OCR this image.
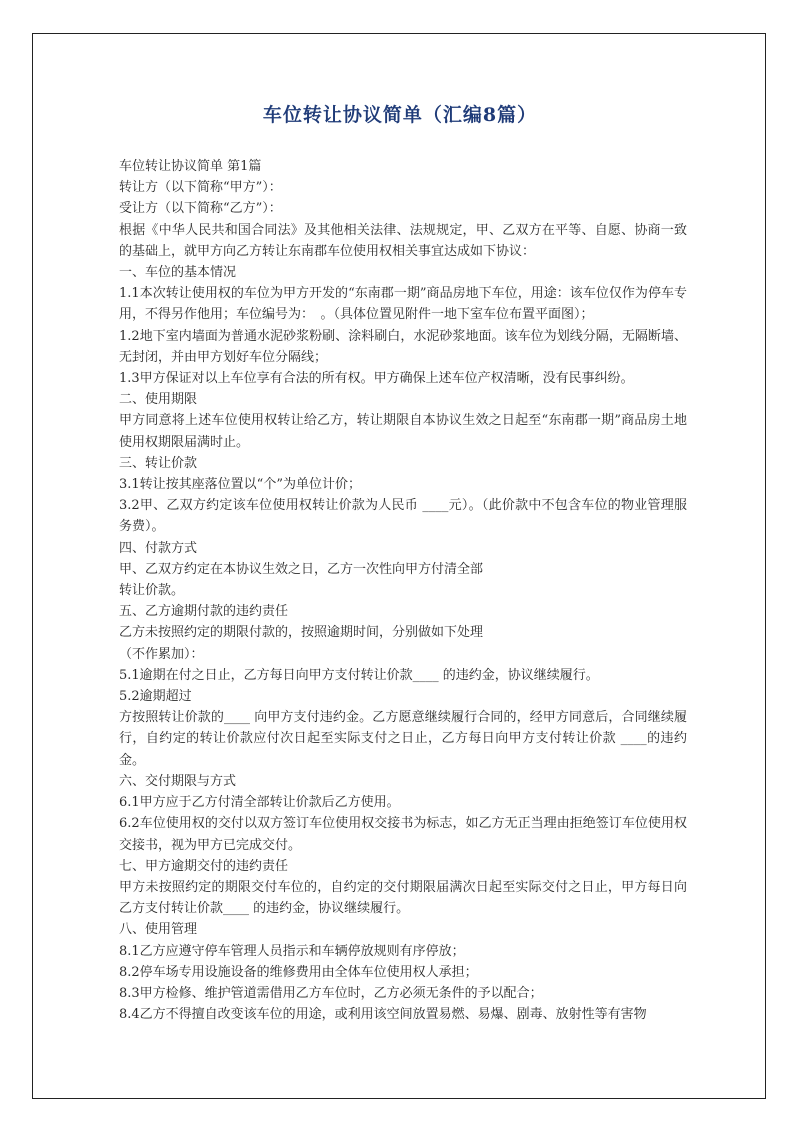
车位转让协议简单（汇编8篇）

车位转让协议简单 第1篇

转让方（以下简称“甲方”）：

受让方（以下简称“乙方”）：

根据《中华人民共和国合同法》及其他相关法律、法规规定，甲、乙双方在平等、自愿、协商一致的基础上，就甲方向乙方转让东南郡车位使用权相关事宜达成如下协议：

一、车位的基本情况

1.1本次转让使用权的车位为甲方开发的“东南郡一期”商品房地下车位，用途：该车位仅作为停车专用，不得另作他用；车位编号为：　。（具体位置见附件一地下室车位布置平面图）；

1.2地下室内墙面为普通水泥砂浆粉刷、涂料刷白，水泥砂浆地面。该车位为划线分隔，无隔断墙、无封闭，并由甲方划好车位分隔线；

1.3甲方保证对以上车位享有合法的所有权。甲方确保上述车位产权清晰，没有民事纠纷。

二、使用期限

甲方同意将上述车位使用权转让给乙方，转让期限自本协议生效之日起至“东南郡一期”商品房土地使用权期限届满时止。

三、转让价款

3.1转让按其座落位置以“个”为单位计价；

3.2甲、乙双方约定该车位使用权转让价款为人民币 ____元）。（此价款中不包含车位的物业管理服务费）。

四、付款方式

甲、乙双方约定在本协议生效之日，乙方一次性向甲方付清全部

转让价款。

五、乙方逾期付款的违约责任

乙方未按照约定的期限付款的，按照逾期时间，分别做如下处理

（不作累加）：

5.1逾期在付之日止，乙方每日向甲方支付转让价款____ 的违约金，协议继续履行。

5.2逾期超过

方按照转让价款的____ 向甲方支付违约金。乙方愿意继续履行合同的，经甲方同意后，合同继续履行，自约定的转让价款应付次日起至实际支付之日止，乙方每日向甲方支付转让价款 ____的违约金。

六、交付期限与方式

6.1甲方应于乙方付清全部转让价款后乙方使用。

6.2车位使用权的交付以双方签订车位使用权交接书为标志，如乙方无正当理由拒绝签订车位使用权交接书，视为甲方已完成交付。

七、甲方逾期交付的违约责任

甲方未按照约定的期限交付车位的，自约定的交付期限届满次日起至实际交付之日止，甲方每日向乙方支付转让价款____ 的违约金，协议继续履行。

八、使用管理

8.1乙方应遵守停车管理人员指示和车辆停放规则有序停放；

8.2停车场专用设施设备的维修费用由全体车位使用权人承担；

8.3甲方检修、维护管道需借用乙方车位时，乙方必须无条件的予以配合；

8.4乙方不得擅自改变该车位的用途，或利用该空间放置易燃、易爆、剧毒、放射性等有害物
